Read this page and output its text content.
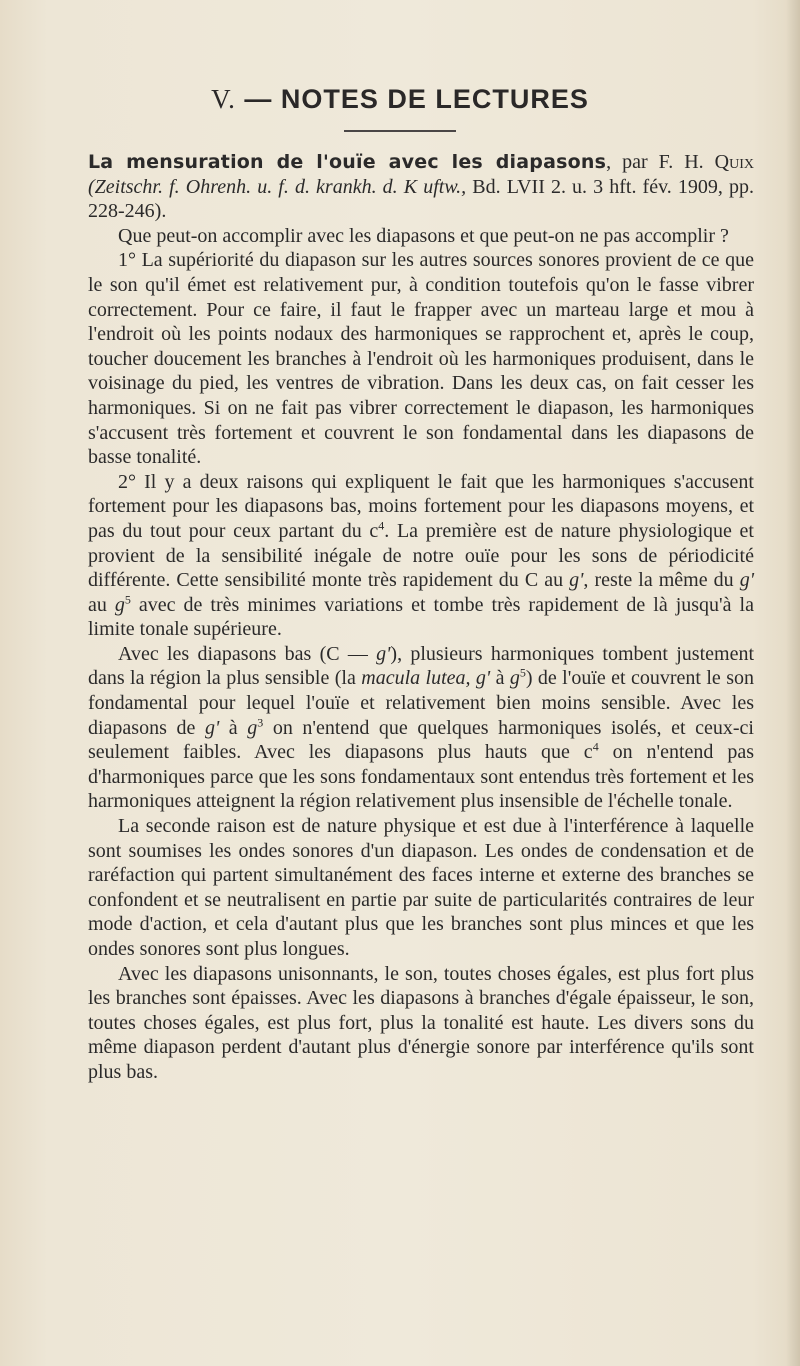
V. — NOTES DE LECTURES

La mensuration de l'ouïe avec les diapasons, par F. H. Quix (Zeitschr. f. Ohrenh. u. f. d. krankh. d. K uftw., Bd. LVII 2. u. 3 hft. fév. 1909, pp. 228-246).

Que peut-on accomplir avec les diapasons et que peut-on ne pas accomplir ?

1° La supériorité du diapason sur les autres sources sonores provient de ce que le son qu'il émet est relativement pur, à condition toutefois qu'on le fasse vibrer correctement. Pour ce faire, il faut le frapper avec un marteau large et mou à l'endroit où les points nodaux des harmoniques se rapprochent et, après le coup, toucher doucement les branches à l'endroit où les harmoniques produisent, dans le voisinage du pied, les ventres de vibration. Dans les deux cas, on fait cesser les harmoniques. Si on ne fait pas vibrer correctement le diapason, les harmoniques s'accusent très fortement et couvrent le son fondamental dans les diapasons de basse tonalité.

2° Il y a deux raisons qui expliquent le fait que les harmoniques s'accusent fortement pour les diapasons bas, moins fortement pour les diapasons moyens, et pas du tout pour ceux partant du $c^4$. La première est de nature physiologique et provient de la sensibilité inégale de notre ouïe pour les sons de périodicité différente. Cette sensibilité monte très rapidement du C au g', reste la même du g' au $g^5$ avec de très minimes variations et tombe très rapidement de là jusqu'à la limite tonale supérieure.

Avec les diapasons bas (C — g'), plusieurs harmoniques tombent justement dans la région la plus sensible (la macula lutea, g' à $g^5$) de l'ouïe et couvrent le son fondamental pour lequel l'ouïe et relativement bien moins sensible. Avec les diapasons de g' à $g^3$ on n'entend que quelques harmoniques isolés, et ceux-ci seulement faibles. Avec les diapasons plus hauts que $c^4$ on n'entend pas d'harmoniques parce que les sons fondamentaux sont entendus très fortement et les harmoniques atteignent la région relativement plus insensible de l'échelle tonale.

La seconde raison est de nature physique et est due à l'interférence à laquelle sont soumises les ondes sonores d'un diapason. Les ondes de condensation et de raréfaction qui partent simultanément des faces interne et externe des branches se confondent et se neutralisent en partie par suite de particularités contraires de leur mode d'action, et cela d'autant plus que les branches sont plus minces et que les ondes sonores sont plus longues.

Avec les diapasons unisonnants, le son, toutes choses égales, est plus fort plus les branches sont épaisses. Avec les diapasons à branches d'égale épaisseur, le son, toutes choses égales, est plus fort, plus la tonalité est haute. Les divers sons du même diapason perdent d'autant plus d'énergie sonore par interférence qu'ils sont plus bas.
